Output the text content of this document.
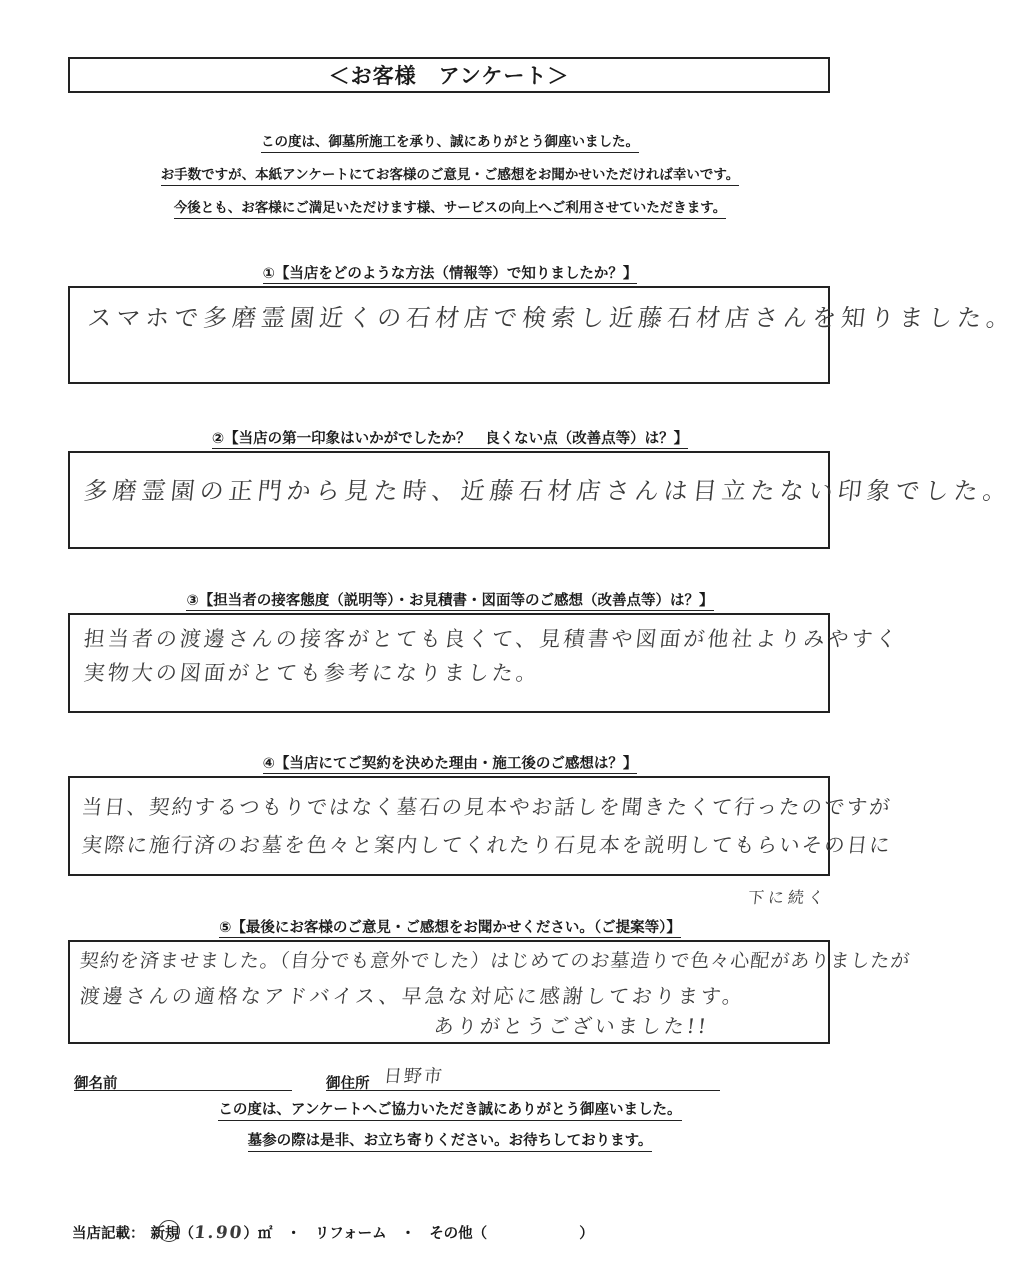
＜お客様　アンケート＞
この度は、御墓所施工を承り、誠にありがとう御座いました。
お手数ですが、本紙アンケートにてお客様のご意見・ご感想をお聞かせいただければ幸いです。
今後とも、お客様にご満足いただけます様、サービスの向上へご利用させていただきます。
①【当店をどのような方法（情報等）で知りましたか？】
スマホで多磨霊園近くの石材店で検索し近藤石材店さんを知りました。
②【当店の第一印象はいかがでしたか？　良くない点（改善点等）は？】
多磨霊園の正門から見た時、近藤石材店さんは目立たない印象でした。
③【担当者の接客態度（説明等）・お見積書・図面等のご感想（改善点等）は？】
担当者の渡邊さんの接客がとても良くて、見積書や図面が他社よりみやすく
実物大の図面がとても参考になりました。
④【当店にてご契約を決めた理由・施工後のご感想は？】
当日、契約するつもりではなく墓石の見本やお話しを聞きたくて行ったのですが
実際に施行済のお墓を色々と案内してくれたり石見本を説明してもらいその日に
下に続く
⑤【最後にお客様のご意見・ご感想をお聞かせください。（ご提案等）】
契約を済ませました。（自分でも意外でした）はじめてのお墓造りで色々心配がありましたが
渡邊さんの適格なアドバイス、早急な対応に感謝しております。
ありがとうございました!!
御名前	御住所 日野市
この度は、アンケートへご協力いただき誠にありがとう御座いました。
墓参の際は是非、お立ち寄りください。お待ちしております。
当店記載： 新規（
1.90
）㎡ ・ リフォーム ・ その他（	）
